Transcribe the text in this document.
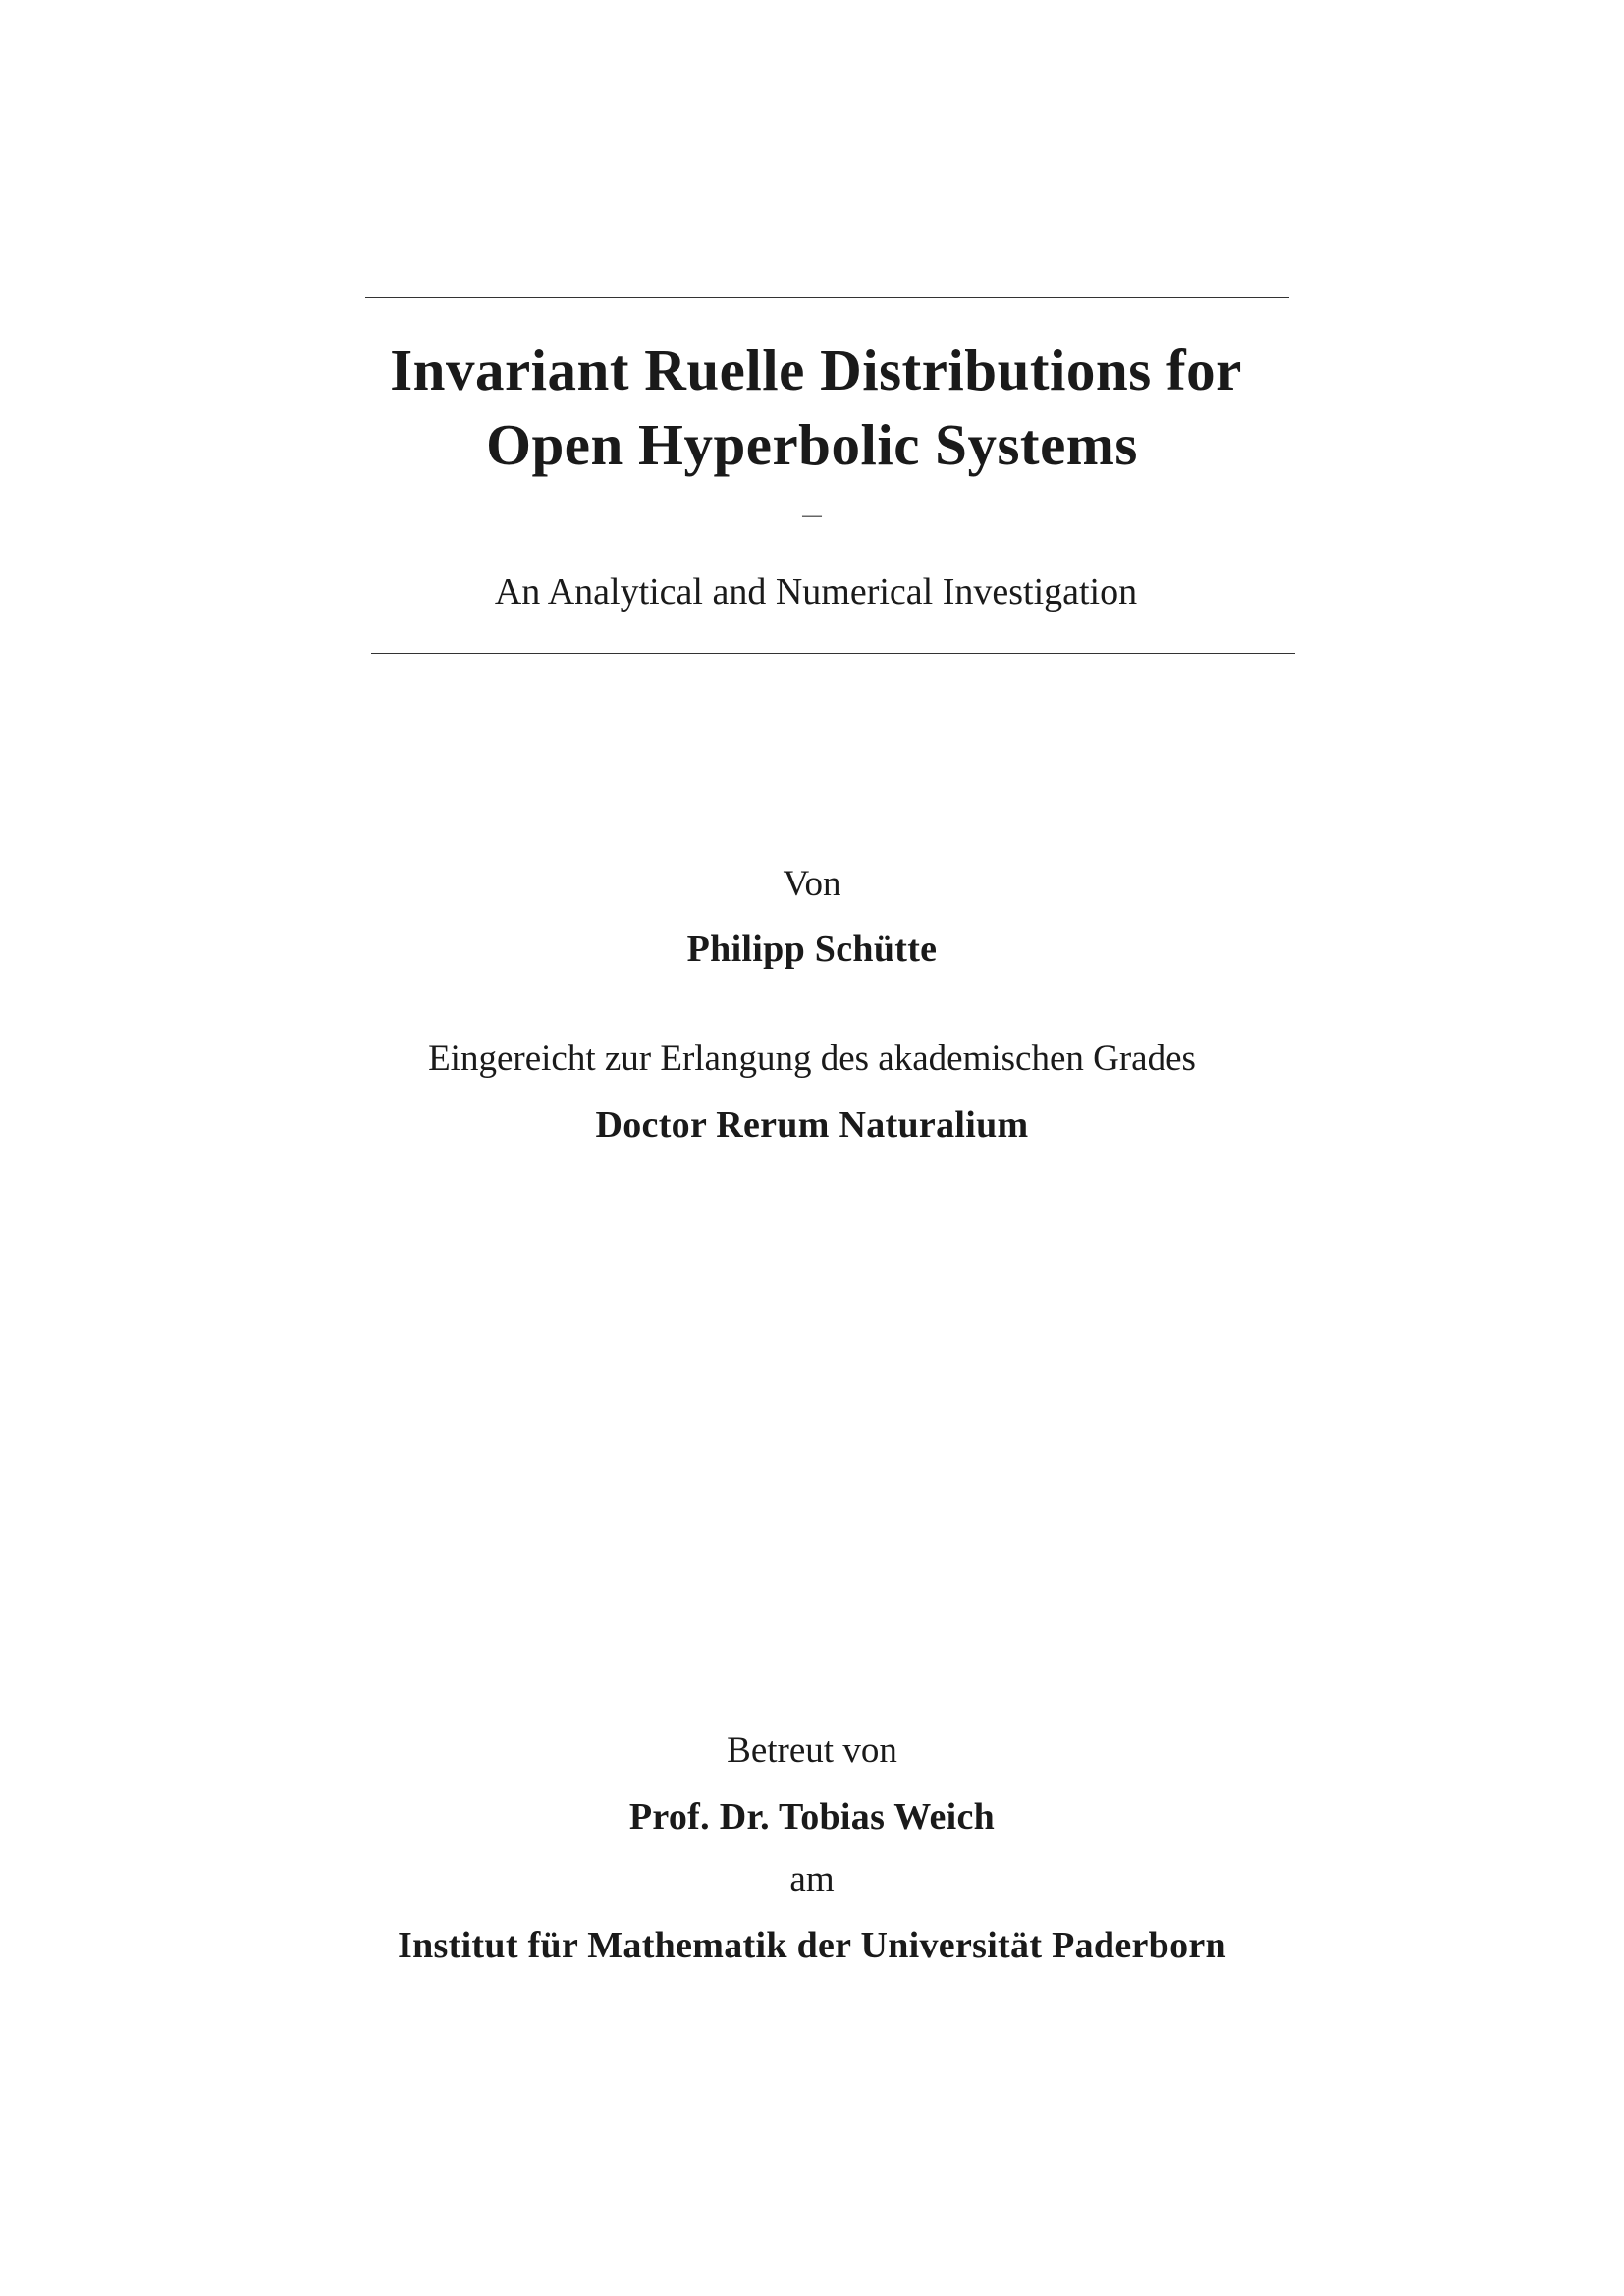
Invariant Ruelle Distributions for
Open Hyperbolic Systems
—
An Analytical and Numerical Investigation
Von
Philipp Schütte
Eingereicht zur Erlangung des akademischen Grades
Doctor Rerum Naturalium
Betreut von
Prof. Dr. Tobias Weich
am
Institut für Mathematik der Universität Paderborn
